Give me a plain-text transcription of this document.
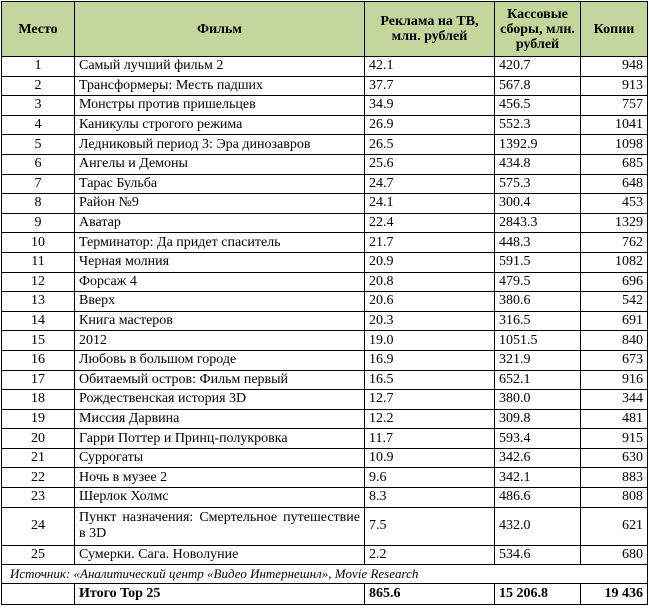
Место	Фильм	Реклама на ТВ, млн. рублей	Кассовые сборы, млн. рублей	Копии
1	Самый лучший фильм 2	42.1	420.7	948
2	Трансформеры: Месть падших	37.7	567.8	913
3	Монстры против пришельцев	34.9	456.5	757
4	Каникулы строгого режима	26.9	552.3	1041
5	Ледниковый период 3: Эра динозавров	26.5	1392.9	1098
6	Ангелы и Демоны	25.6	434.8	685
7	Тарас Бульба	24.7	575.3	648
8	Район №9	24.1	300.4	453
9	Аватар	22.4	2843.3	1329
10	Терминатор: Да придет спаситель	21.7	448.3	762
11	Черная молния	20.9	591.5	1082
12	Форсаж 4	20.8	479.5	696
13	Вверх	20.6	380.6	542
14	Книга мастеров	20.3	316.5	691
15	2012	19.0	1051.5	840
16	Любовь в большом городе	16.9	321.9	673
17	Обитаемый остров: Фильм первый	16.5	652.1	916
18	Рождественская история 3D	12.7	380.0	344
19	Миссия Дарвина	12.2	309.8	481
20	Гарри Поттер и Принц-полукровка	11.7	593.4	915
21	Суррогаты	10.9	342.6	630
22	Ночь в музее 2	9.6	342.1	883
23	Шерлок Холмс	8.3	486.6	808
24	Пункт назначения: Смертельное путешествие в 3D	7.5	432.0	621
25	Сумерки. Сага. Новолуние	2.2	534.6	680
Источник: «Аналитический центр «Видео Интернешнл», Movie Research				
	Итого Top 25	865.6	15 206.8	19 436
